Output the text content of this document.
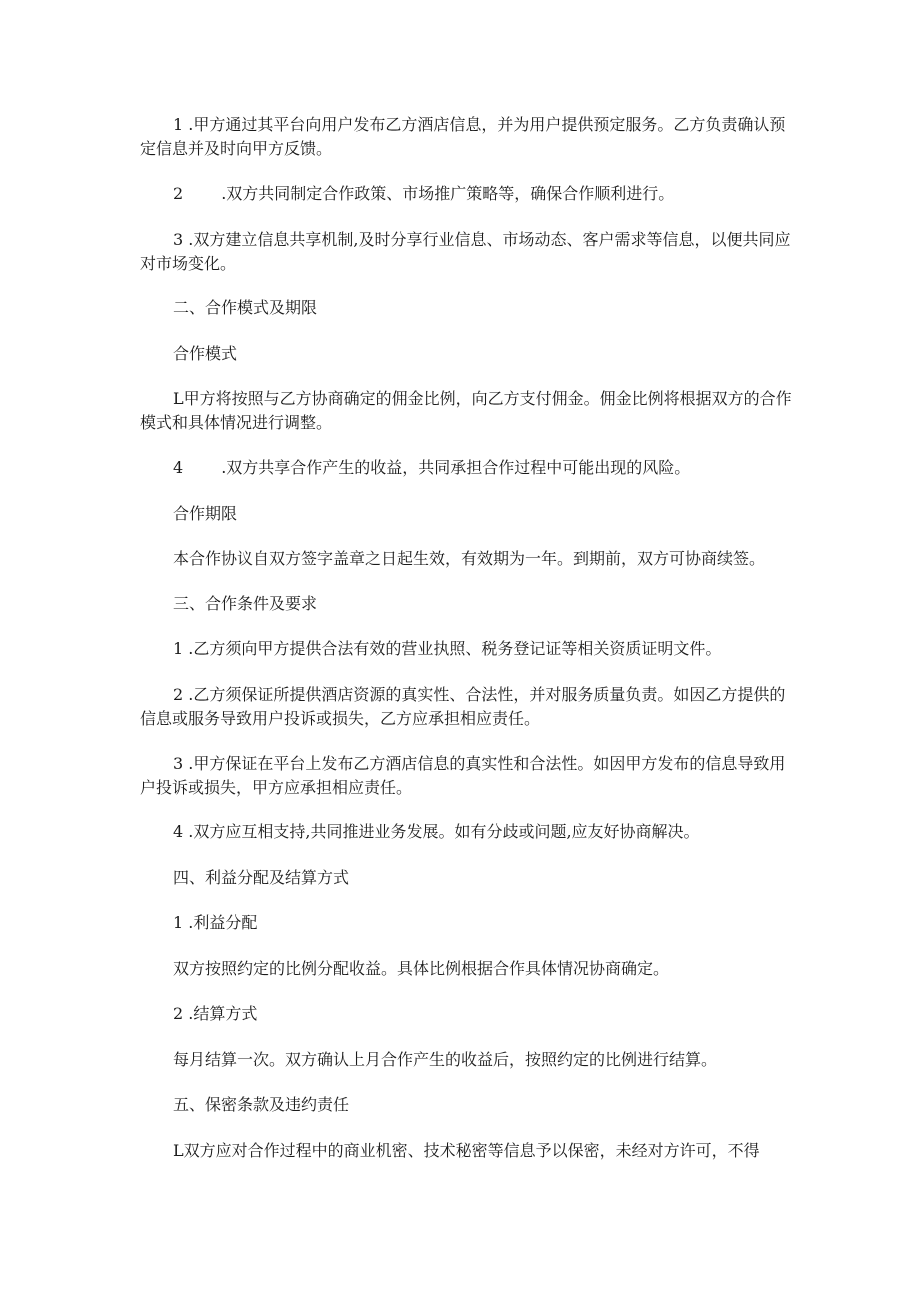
1 .甲方通过其平台向用户发布乙方酒店信息，并为用户提供预定服务。乙方负责确认预定信息并及时向甲方反馈。

2 .双方共同制定合作政策、市场推广策略等，确保合作顺利进行。

3 .双方建立信息共享机制,及时分享行业信息、市场动态、客户需求等信息，以便共同应对市场变化。

二、合作模式及期限

合作模式

L甲方将按照与乙方协商确定的佣金比例，向乙方支付佣金。佣金比例将根据双方的合作模式和具体情况进行调整。

4 .双方共享合作产生的收益，共同承担合作过程中可能出现的风险。

合作期限

本合作协议自双方签字盖章之日起生效，有效期为一年。到期前，双方可协商续签。

三、合作条件及要求

1 .乙方须向甲方提供合法有效的营业执照、税务登记证等相关资质证明文件。

2 .乙方须保证所提供酒店资源的真实性、合法性，并对服务质量负责。如因乙方提供的信息或服务导致用户投诉或损失，乙方应承担相应责任。

3 .甲方保证在平台上发布乙方酒店信息的真实性和合法性。如因甲方发布的信息导致用户投诉或损失，甲方应承担相应责任。

4 .双方应互相支持,共同推进业务发展。如有分歧或问题,应友好协商解决。

四、利益分配及结算方式

1 .利益分配

双方按照约定的比例分配收益。具体比例根据合作具体情况协商确定。

2 .结算方式

每月结算一次。双方确认上月合作产生的收益后，按照约定的比例进行结算。

五、保密条款及违约责任

L双方应对合作过程中的商业机密、技术秘密等信息予以保密，未经对方许可，不得
